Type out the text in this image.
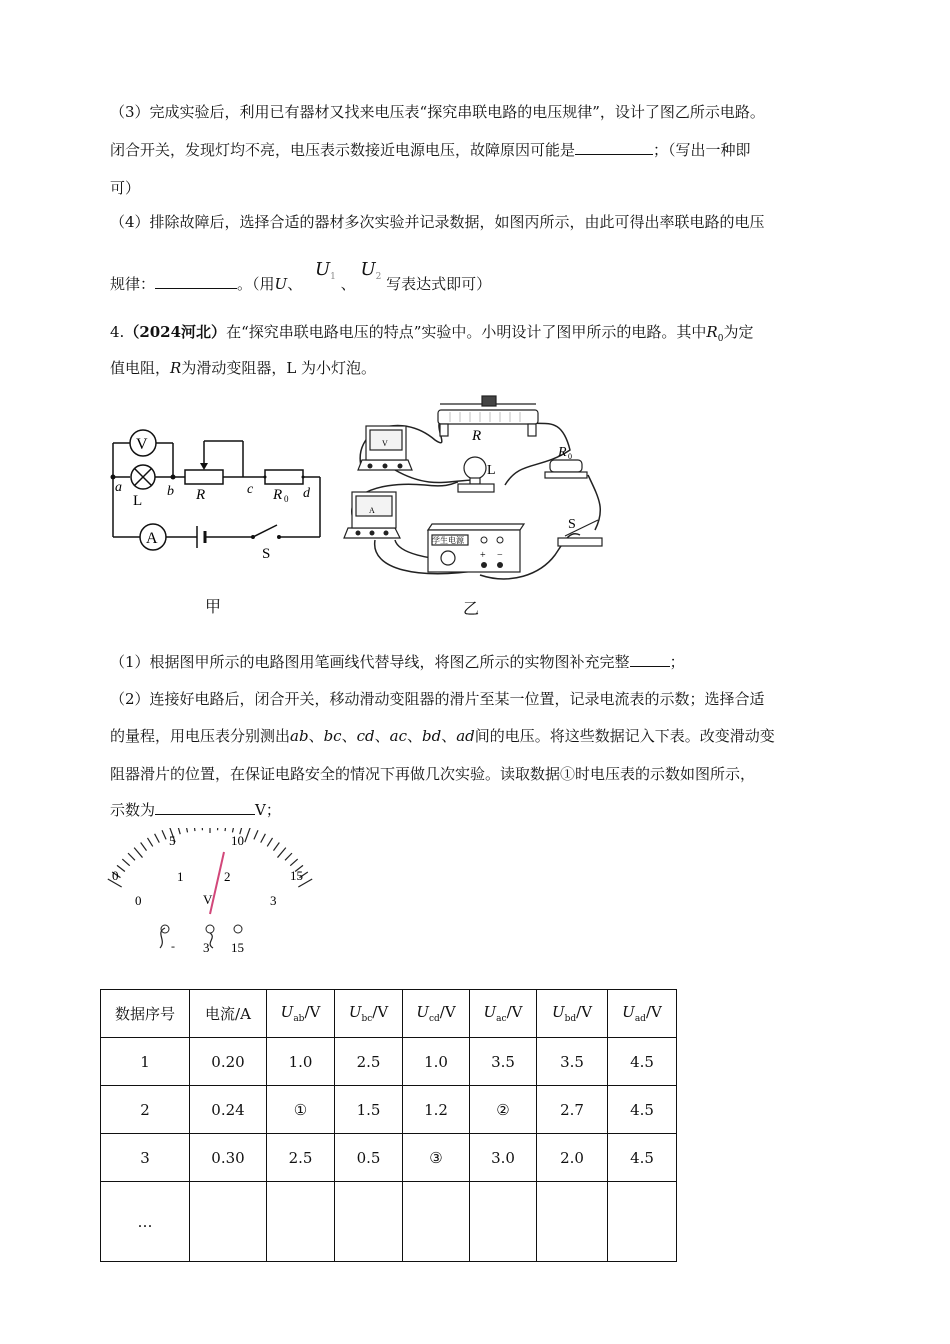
（3）完成实验后，利用已有器材又找来电压表“探究串联电路的电压规律”，设计了图乙所示电路。
闭合开关，发现灯均不亮，电压表示数接近电源电压，故障原因可能是	；（写出一种即
可）
（4）排除故障后，选择合适的器材多次实验并记录数据，如图丙所示，由此可得出率联电路的电压
规律：	。（用U、 $U_1$ 、 $U_2$ 写表达式即可）
4.（2024河北）在“探究串联电路电压的特点”实验中。小明设计了图甲所示的电路。其中$R_0$为定
值电阻，R为滑动变阻器，L 为小灯泡。
V
A
L
a	b	c	d
R	R 0
S
甲
R
V
L
R 0
A
学生电源
+ −
S
乙
（1）根据图甲所示的电路图用笔画线代替导线，将图乙所示的实物图补充完整	；
（2）连接好电路后，闭合开关，移动滑动变阻器的滑片至某一位置，记录电流表的示数；选择合适
的量程，用电压表分别测出ab、bc、cd、ac、bd、ad间的电压。将这些数据记入下表。改变滑动变
阻器滑片的位置，在保证电路安全的情况下再做几次实验。读取数据①时电压表的示数如图所示，
示数为	V；
0
5	10
15
0
1	2
3
V
- 3 15
数据序号	电流/A	$U_{ab}/V$	$U_{bc}/V$	$U_{cd}/V$	$U_{ac}/V$	$U_{bd}/V$	$U_{ad}/V$
1	0.20	1.0	2.5	1.0	3.5	3.5	4.5
2	0.24	①	1.5	1.2	②	2.7	4.5
3	0.30	2.5	0.5	③	3.0	2.0	4.5
…							
